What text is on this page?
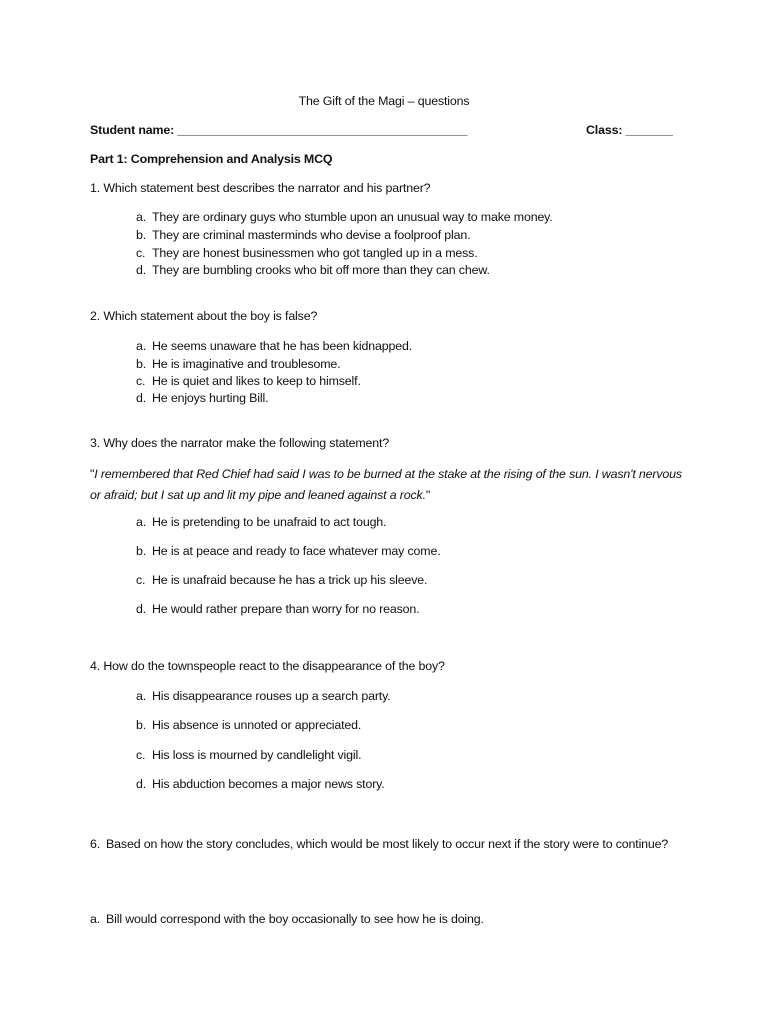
The Gift of the Magi – questions
Student name: ___________________________________________	Class: _______
Part 1: Comprehension and Analysis MCQ
1. Which statement best describes the narrator and his partner?
a. They are ordinary guys who stumble upon an unusual way to make money.
b. They are criminal masterminds who devise a foolproof plan.
c. They are honest businessmen who got tangled up in a mess.
d. They are bumbling crooks who bit off more than they can chew.
2. Which statement about the boy is false?
a. He seems unaware that he has been kidnapped.
b. He is imaginative and troublesome.
c. He is quiet and likes to keep to himself.
d. He enjoys hurting Bill.
3. Why does the narrator make the following statement?
"I remembered that Red Chief had said I was to be burned at the stake at the rising of the sun. I wasn't nervous or afraid; but I sat up and lit my pipe and leaned against a rock."
a. He is pretending to be unafraid to act tough.
b. He is at peace and ready to face whatever may come.
c. He is unafraid because he has a trick up his sleeve.
d. He would rather prepare than worry for no reason.
4. How do the townspeople react to the disappearance of the boy?
a. His disappearance rouses up a search party.
b. His absence is unnoted or appreciated.
c. His loss is mourned by candlelight vigil.
d. His abduction becomes a major news story.
6. Based on how the story concludes, which would be most likely to occur next if the story were to continue?
a. Bill would correspond with the boy occasionally to see how he is doing.
